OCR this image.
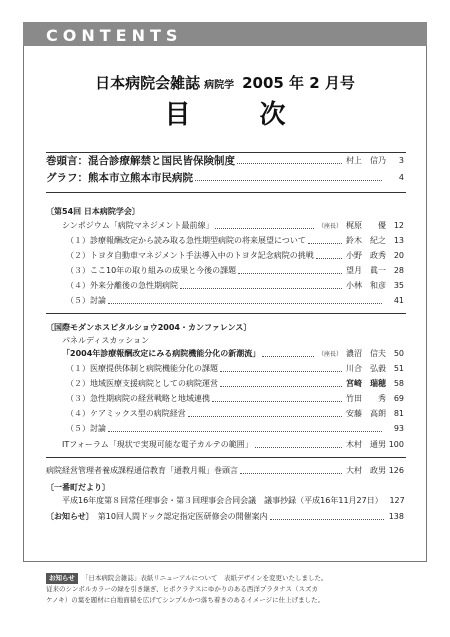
CONTENTS
日本病院会雑誌 病院学 2005 年 2 月号
目 次
巻頭言：混合診療解禁と国民皆保険制度	村上　信乃	3
グラフ：熊本市立熊本市民病院	4
〔第54回 日本病院学会〕
シンポジウム「病院マネジメント最前線」	（座長） 梶原　　優 12
（１）診療報酬改定から読み取る急性期型病院の将来展望について	鈴木　紀之 13
（２）トヨタ自動車マネジメント手法導入中のトヨタ記念病院の挑戦	小野　政秀 20
（３）ここ10年の取り組みの成果と今後の課題	望月　眞一 28
（４）外来分離後の急性期病院	小林　和彦 35
（５）討論	41
〔国際モダンホスピタルショウ2004・カンファレンス〕
パネルディスカッション
「2004年診療報酬改定にみる病院機能分化の新潮流」	（座長） 濃沼　信夫 50
（１）医療提供体制と病院機能分化の課題	川合　弘毅 51
（２）地域医療支援病院としての病院運営	宮崎　瑞穂 58
（３）急性期病院の経営戦略と地域連携	竹田　　秀 69
（４）ケアミックス型の病院経営	安藤　高朗 81
（５）討論	93
ITフォーラム「現状で実現可能な電子カルテの範囲」	木村　通男 100
病院経営管理者養成課程通信教育「通教月報」巻頭言	大村　政男 126
〔一番町だより〕
平成16年度第８回常任理事会・第３回理事会合同会議　議事抄録（平成16年11月27日） 127
〔お知らせ〕 第10回人間ドック認定指定医研修会の開催案内	138
お知らせ 「日本病院会雑誌」表紙リニューアルについて　表紙デザインを変更いたしました。
従来のシンボルカラーの緑を引き継ぎ、ヒポクラテスにゆかりのある西洋プラタナス（スズカ
ケノキ）の葉を題材に白地面積を広げてシンプルかつ落ち着きのあるイメージに仕上げました。
